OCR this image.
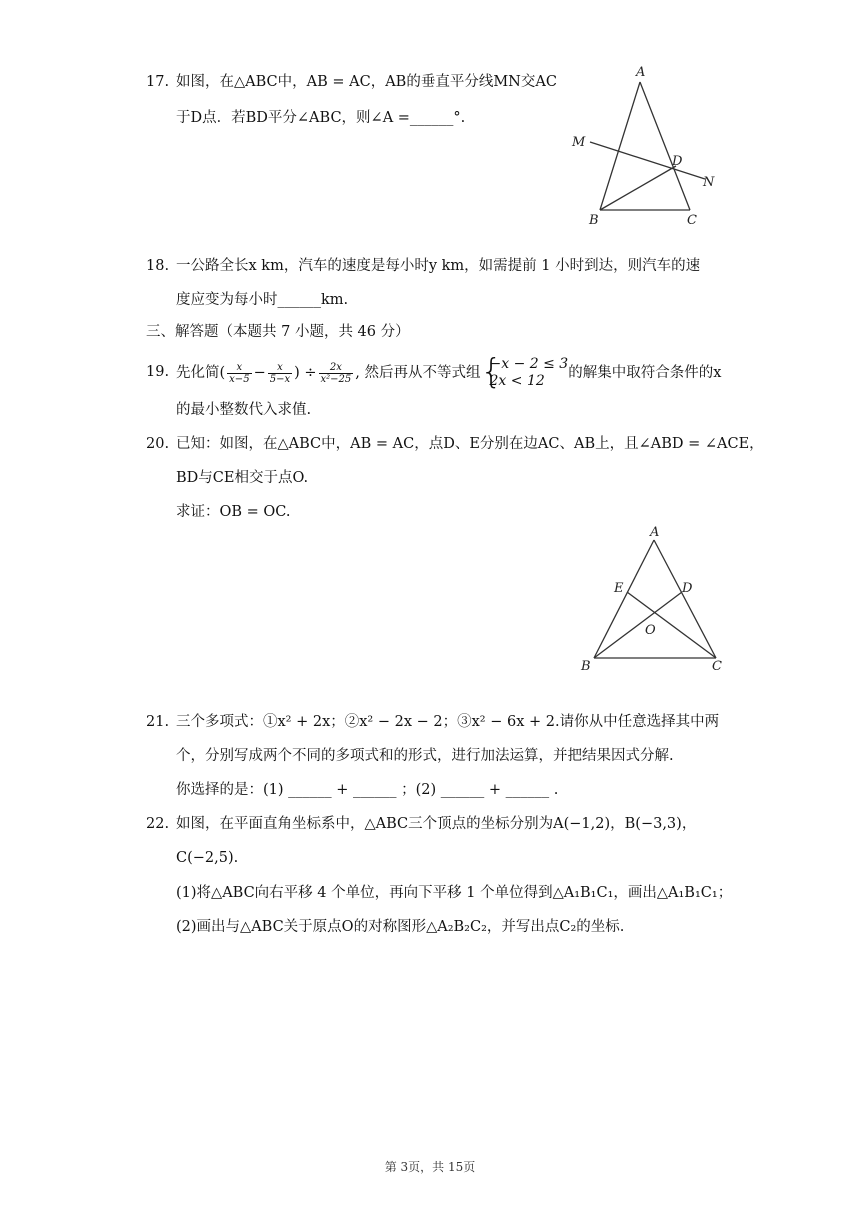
17. 如图，在△ABC中，AB = AC，AB的垂直平分线MN交AC
于D点．若BD平分∠ABC，则∠A =______°.
A
B	C
D
M
N
18. 一公路全长x km，汽车的速度是每小时y km，如需提前 1 小时到达，则汽车的速
度应变为每小时______km.
三、解答题（本题共 7 小题，共 46 分）
19. 先化简( $\frac{x}{x-5} - \frac{x}{5-x}$ ) ÷ $\frac{2x}{\text{x²−25}}$ , 然后再从不等式组 {
−x − 2 ≤ 3
2x < 12	的解集中取符合条件的x
的最小整数代入求值.
20. 已知：如图，在△ABC中，AB = AC，点D、E分别在边AC、AB上，且∠ABD = ∠ACE，
BD与CE相交于点O.
求证：OB = OC.
A
B	C
D
E
O
21. 三个多项式：①x² + 2x；②x² − 2x − 2；③x² − 6x + 2.请你从中任意选择其中两
个，分别写成两个不同的多项式和的形式，进行加法运算，并把结果因式分解.
你选择的是：(1) ______ + ______ ；(2) ______ + ______ .
22. 如图，在平面直角坐标系中，△ABC三个顶点的坐标分别为A(−1,2)，B(−3,3)，
C(−2,5).
(1)将△ABC向右平移 4 个单位，再向下平移 1 个单位得到△A₁B₁C₁，画出△A₁B₁C₁；
(2)画出与△ABC关于原点O的对称图形△A₂B₂C₂，并写出点C₂的坐标.
第 3页，共 15页
